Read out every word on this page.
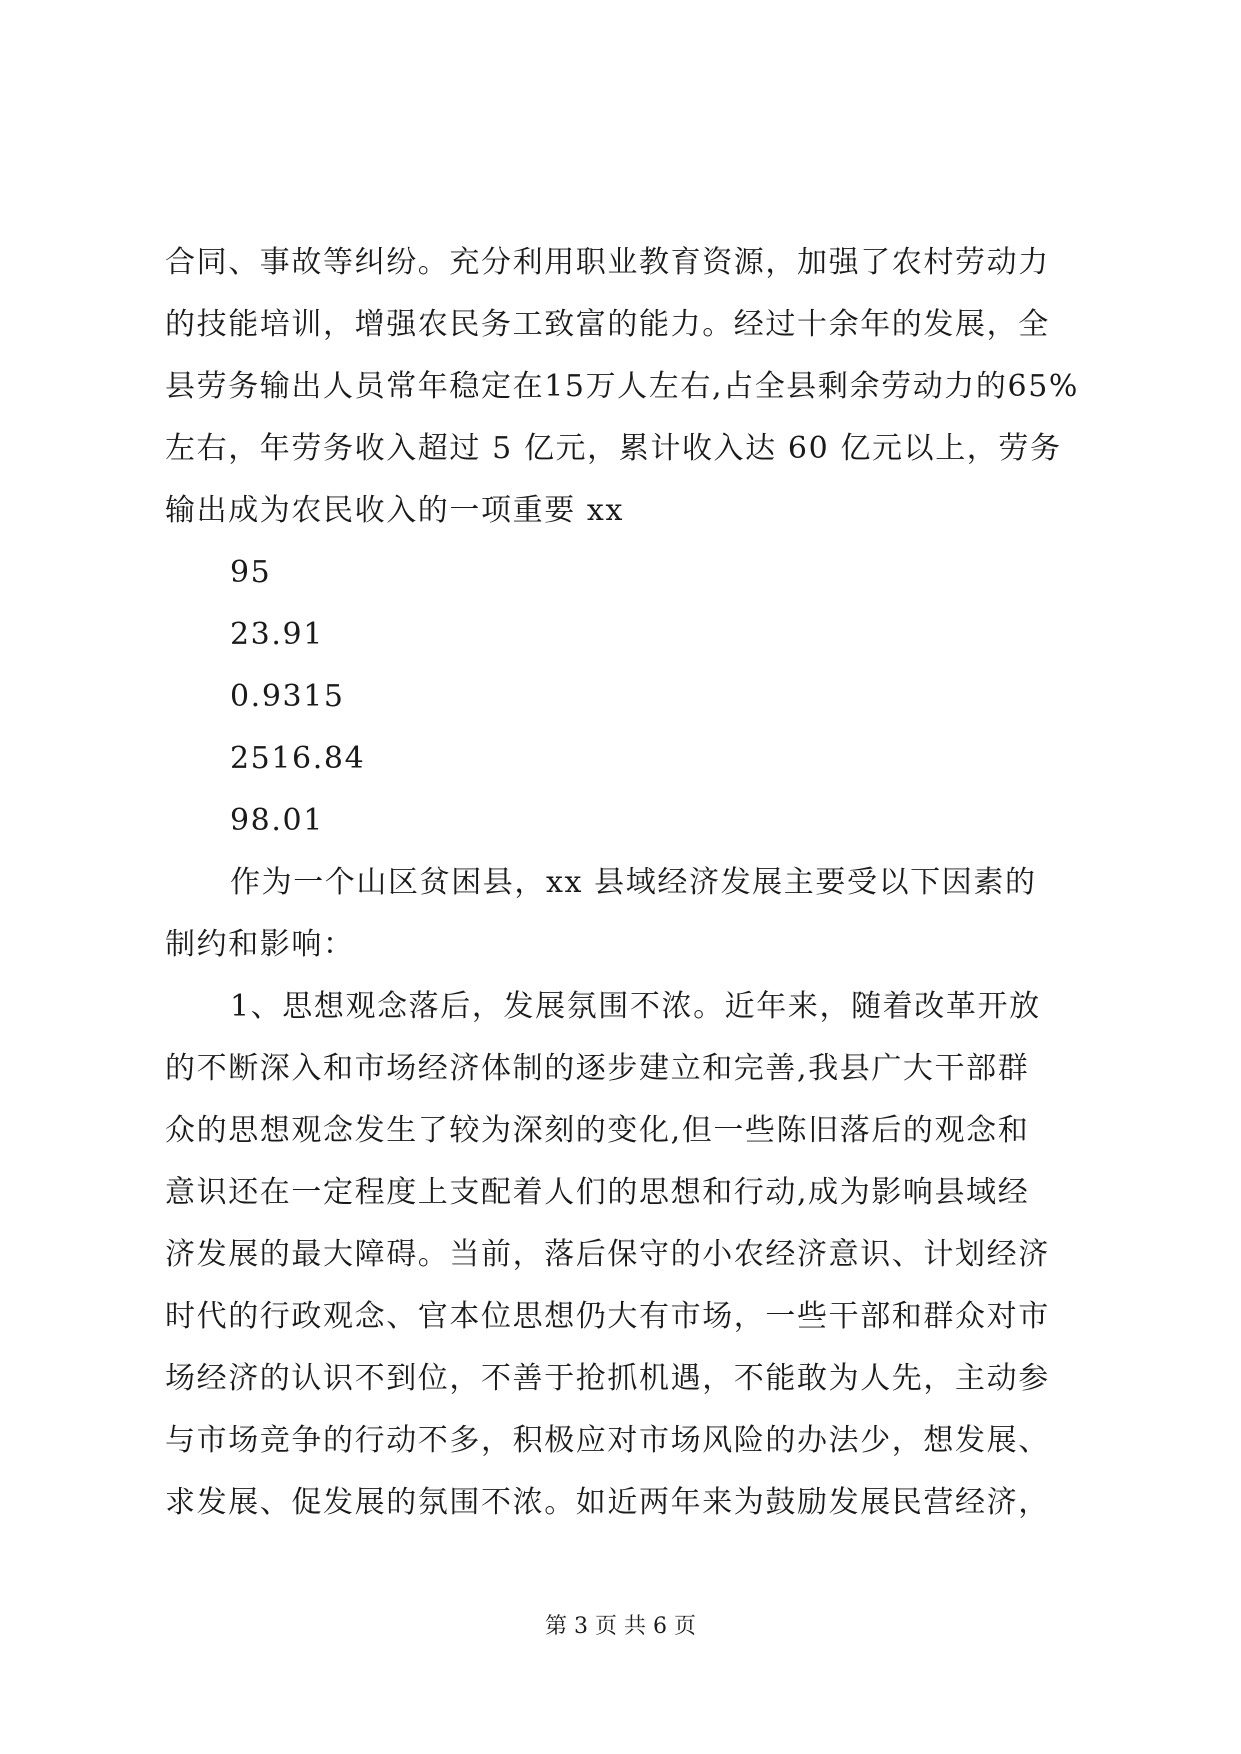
合同、事故等纠纷。充分利用职业教育资源，加强了农村劳动力
的技能培训，增强农民务工致富的能力。经过十余年的发展，全
县劳务输出人员常年稳定在15万人左右,占全县剩余劳动力的65%
左右，年劳务收入超过 5 亿元，累计收入达 60 亿元以上，劳务
输出成为农民收入的一项重要 xx
95
23.91
0.9315
2516.84
98.01
作为一个山区贫困县，xx 县域经济发展主要受以下因素的
制约和影响：
1、思想观念落后，发展氛围不浓。近年来，随着改革开放
的不断深入和市场经济体制的逐步建立和完善,我县广大干部群
众的思想观念发生了较为深刻的变化,但一些陈旧落后的观念和
意识还在一定程度上支配着人们的思想和行动,成为影响县域经
济发展的最大障碍。当前，落后保守的小农经济意识、计划经济
时代的行政观念、官本位思想仍大有市场，一些干部和群众对市
场经济的认识不到位，不善于抢抓机遇，不能敢为人先，主动参
与市场竞争的行动不多，积极应对市场风险的办法少，想发展、
求发展、促发展的氛围不浓。如近两年来为鼓励发展民营经济，
第 3 页 共 6 页
